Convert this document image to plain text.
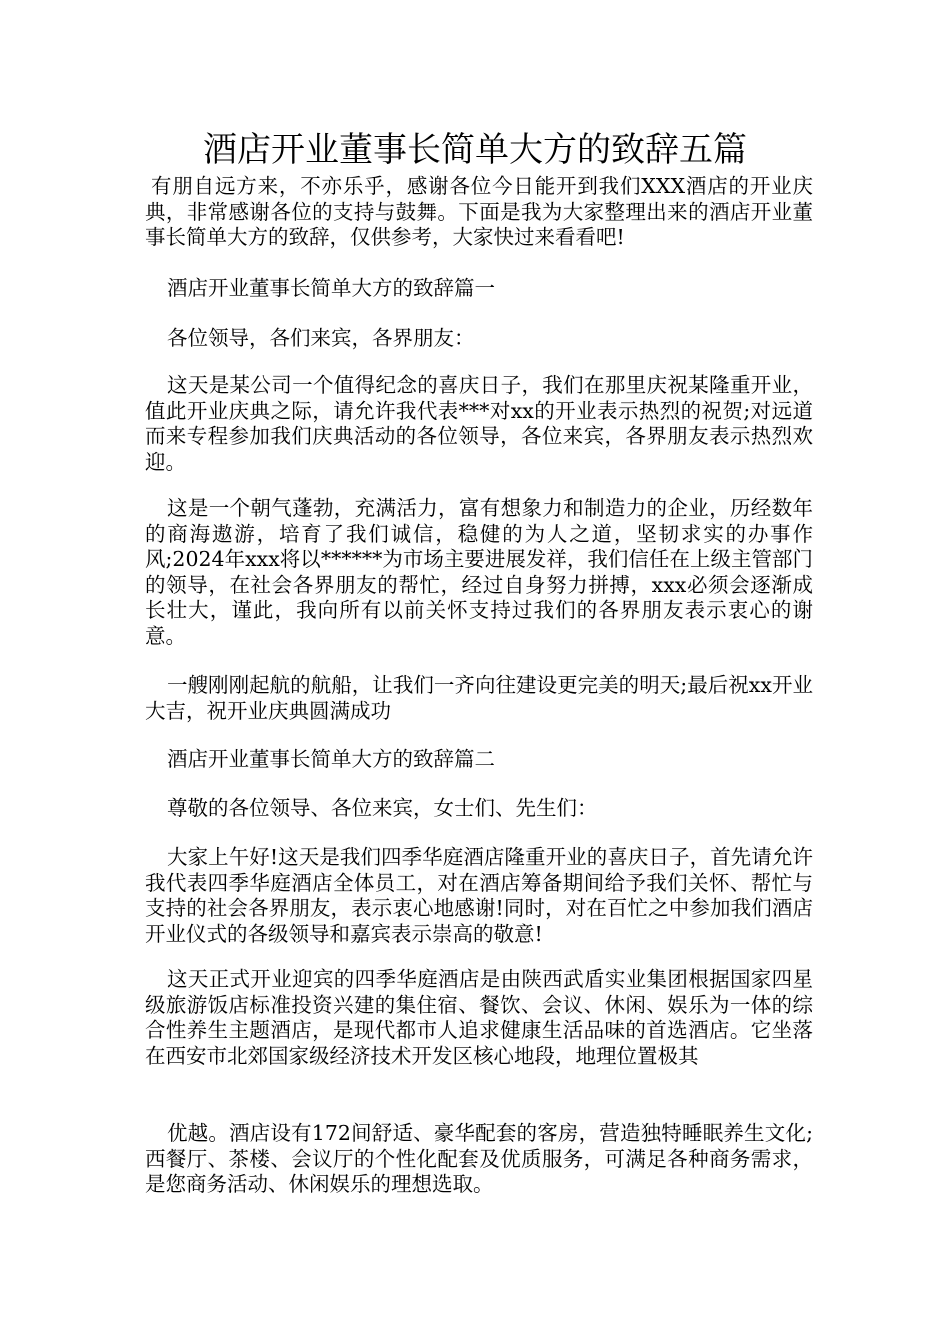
酒店开业董事长简单大方的致辞五篇

有朋自远方来，不亦乐乎，感谢各位今日能开到我们XXX酒店的开业庆典，非常感谢各位的支持与鼓舞。下面是我为大家整理出来的酒店开业董事长简单大方的致辞，仅供参考，大家快过来看看吧!

酒店开业董事长简单大方的致辞篇一

各位领导，各们来宾，各界朋友：

这天是某公司一个值得纪念的喜庆日子，我们在那里庆祝某隆重开业，值此开业庆典之际，请允许我代表***对xx的开业表示热烈的祝贺;对远道而来专程参加我们庆典活动的各位领导，各位来宾，各界朋友表示热烈欢迎。

这是一个朝气蓬勃，充满活力，富有想象力和制造力的企业，历经数年的商海遨游，培育了我们诚信，稳健的为人之道，坚韧求实的办事作风;2024年xxx将以******为市场主要进展发祥，我们信任在上级主管部门的领导，在社会各界朋友的帮忙，经过自身努力拼搏，xxx必须会逐渐成长壮大，谨此，我向所有以前关怀支持过我们的各界朋友表示衷心的谢意。

一艘刚刚起航的航船，让我们一齐向往建设更完美的明天;最后祝xx开业大吉，祝开业庆典圆满成功

酒店开业董事长简单大方的致辞篇二

尊敬的各位领导、各位来宾，女士们、先生们：

大家上午好!这天是我们四季华庭酒店隆重开业的喜庆日子，首先请允许我代表四季华庭酒店全体员工，对在酒店筹备期间给予我们关怀、帮忙与支持的社会各界朋友，表示衷心地感谢!同时，对在百忙之中参加我们酒店开业仪式的各级领导和嘉宾表示崇高的敬意!

这天正式开业迎宾的四季华庭酒店是由陕西武盾实业集团根据国家四星级旅游饭店标准投资兴建的集住宿、餐饮、会议、休闲、娱乐为一体的综合性养生主题酒店，是现代都市人追求健康生活品味的首选酒店。它坐落在西安市北郊国家级经济技术开发区核心地段，地理位置极其

优越。酒店设有172间舒适、豪华配套的客房，营造独特睡眠养生文化;西餐厅、茶楼、会议厅的个性化配套及优质服务，可满足各种商务需求，是您商务活动、休闲娱乐的理想选取。
